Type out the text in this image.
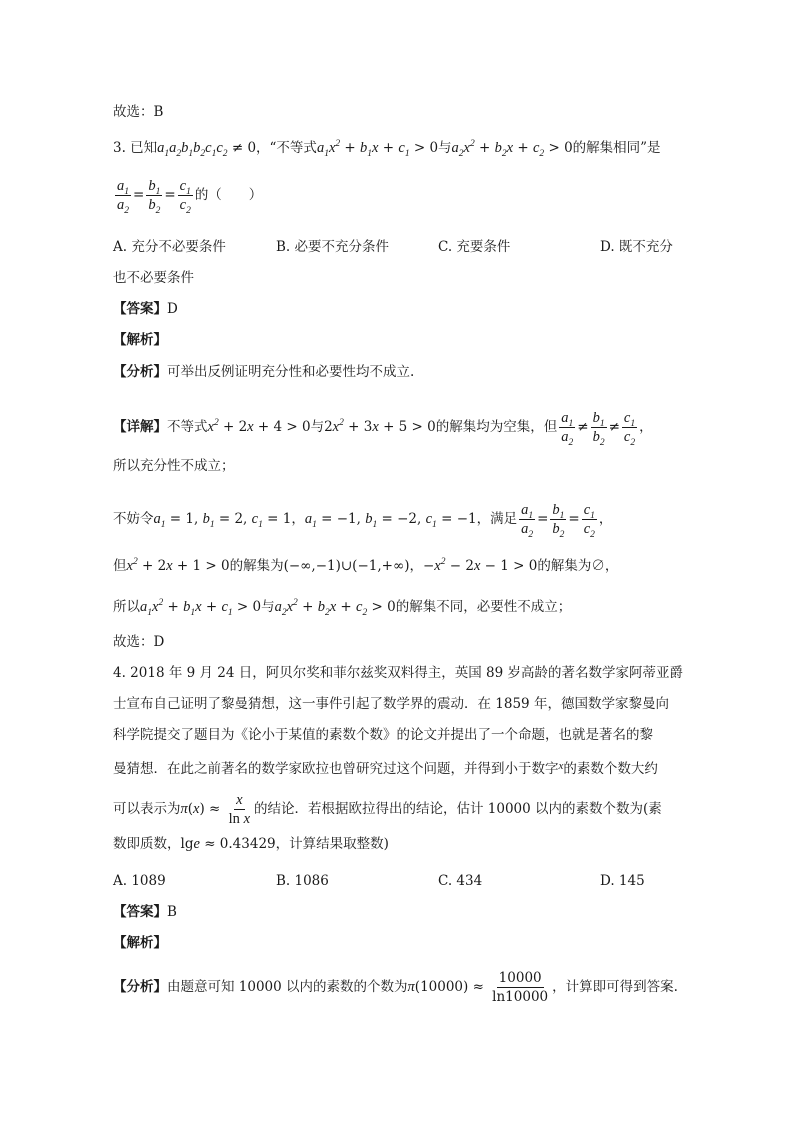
故选：B
3. 已知$a_1a_2b_1b_2c_1c_2 \ne 0$，“不等式$a_1x^2 + b_1x + c_1 > 0$与$a_2x^2 + b_2x + c_2 > 0$的解集相同”是
$\frac{a_1}{a_2} = \frac{b_1}{b_2} = \frac{c_1}{c_2}$ 的（　　）
A. 充分不必要条件	B. 必要不充分条件	C. 充要条件	D. 既不充分
也不必要条件
【答案】D
【解析】
【分析】可举出反例证明充分性和必要性均不成立.
【详解】不等式$x^2 + 2x + 4 > 0$与$2x^2 + 3x + 5 > 0$的解集均为空集，但 $\frac{a_1}{a_2} \ne \frac{b_1}{b_2} \ne \frac{c_1}{c_2}$ ，
所以充分性不成立；
不妨令$a_1 = 1$, $b_1 = 2$, $c_1 = 1$，$a_1 = -1$, $b_1 = -2$, $c_1 = -1$，满足 $\frac{a_1}{a_2} = \frac{b_1}{b_2} = \frac{c_1}{c_2}$ ，
但$x^2 + 2x + 1 > 0$的解集为(−∞,−1)∪(−1,+∞)，$-x^2 - 2x - 1 > 0$的解集为∅，
所以$a_1x^2 + b_1x + c_1 > 0$与$a_2x^2 + b_2x + c_2 > 0$的解集不同，必要性不成立；
故选：D
4. 2018 年 9 月 24 日，阿贝尔奖和菲尔兹奖双料得主，英国 89 岁高龄的著名数学家阿蒂亚爵
士宣布自己证明了黎曼猜想，这一事件引起了数学界的震动．在 1859 年，德国数学家黎曼向
科学院提交了题目为《论小于某值的素数个数》的论文并提出了一个命题，也就是著名的黎
曼猜想．在此之前著名的数学家欧拉也曾研究过这个问题，并得到小于数字$^x$的素数个数大约
可以表示为$\pi(x) \approx \frac{x}{\text{ln x}}$ 的结论．若根据欧拉得出的结论，估计 10000 以内的素数个数为(素
数即质数，lge ≈ 0.43429，计算结果取整数)
A. 1089	B. 1086	C. 434	D. 145
【答案】B
【解析】
【分析】由题意可知 10000 以内的素数的个数为$\pi(10000) \approx \frac{10000}{\ln 10000}$ ，计算即可得到答案.
